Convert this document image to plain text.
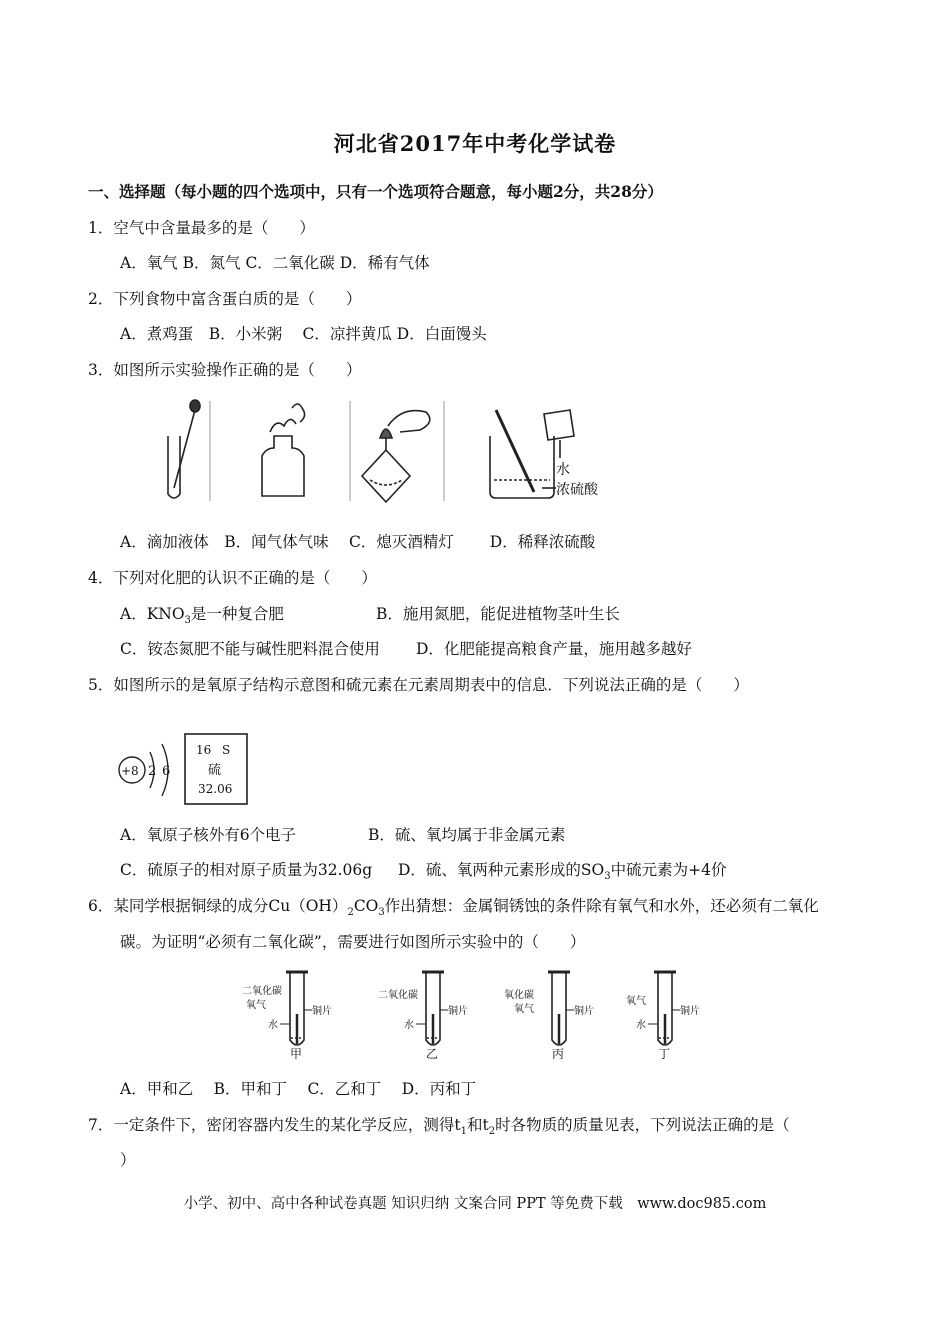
河北省2017年中考化学试卷
一、选择题（每小题的四个选项中，只有一个选项符合题意，每小题2分，共28分）
1．空气中含量最多的是（　　）
A．氧气 B．氮气 C．二氧化碳 D．稀有气体
2．下列食物中富含蛋白质的是（　　）
A．煮鸡蛋　B．小米粥　 C．凉拌黄瓜 D．白面馒头
3．如图所示实验操作正确的是（　　）
水
浓硫酸
A．滴加液体　B．闻气体气味　 C．熄灭酒精灯　　 D．稀释浓硫酸
4．下列对化肥的认识不正确的是（　　）
A．$KNO_3$是一种复合肥	B．施用氮肥，能促进植物茎叶生长
C．铵态氮肥不能与碱性肥料混合使用 D．化肥能提高粮食产量，施用越多越好
5．如图所示的是氧原子结构示意图和硫元素在元素周期表中的信息．下列说法正确的是（　　）
+8 2 6
16 S
硫
32.06
A．氧原子核外有6个电子	B．硫、氧均属于非金属元素
C．硫原子的相对原子质量为32.06g D．硫、氧两种元素形成的$SO_3$中硫元素为+4价
6．某同学根据铜绿的成分$Cu(OH)_2CO_3$作出猜想：金属铜锈蚀的条件除有氧气和水外，还必须有二氧化
碳。为证明“必须有二氧化碳”，需要进行如图所示实验中的（　　）
二氧化碳
氧气
水
铜片
甲
二氧化碳
水
铜片
乙
氧化碳
氧气	铜片
丙
氧气
水
铜片
丁
A．甲和乙　 B．甲和丁　 C．乙和丁　 D．丙和丁
7．一定条件下，密闭容器内发生的某化学反应，测得$t_1$和$t_2$时各物质的质量见表，下列说法正确的是（
）
小学、初中、高中各种试卷真题 知识归纳 文案合同 PPT 等免费下载　www.doc985.com
